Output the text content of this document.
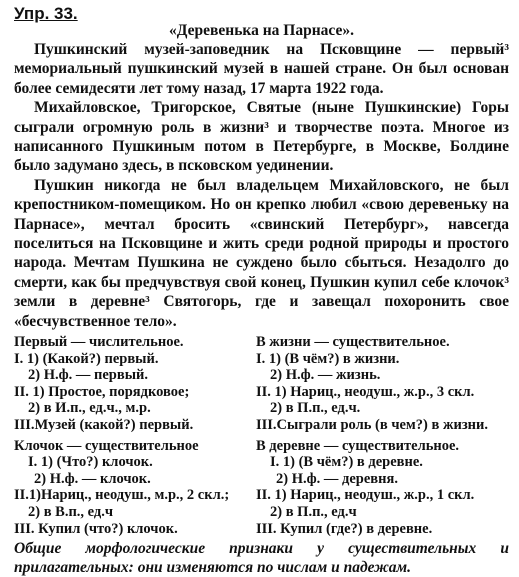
Упр. 33.
«Деревенька на Парнасе».

Пушкинский музей-заповедник на Псковщине — первый³ мемориальный пушкинский музей в нашей стране. Он был основан более семидесяти лет тому назад, 17 марта 1922 года.

Михайловское, Тригорское, Святые (ныне Пушкинские) Горы сыграли огромную роль в жизни³ и творчестве поэта. Многое из написанного Пушкиным потом в Петербурге, в Москве, Болдине было задумано здесь, в псковском уединении.

Пушкин никогда не был владельцем Михайловского, не был крепостником-помещиком. Но он крепко любил «свою деревеньку на Парнасе», мечтал бросить «свинский Петербург», навсегда поселиться на Псковщине и жить среди родной природы и простого народа. Мечтам Пушкина не суждено было сбыться. Незадолго до смерти, как бы предчувствуя свой конец, Пушкин купил себе клочок³ земли в деревне³ Святогорь, где и завещал похоронить свое «бесчувственное тело».

Первый — числительное.
I. 1) (Какой?) первый.
2) Н.ф. — первый.
II. 1) Простое, порядковое;
2) в И.п., ед.ч., м.р.
III.Музей (какой?) первый.
В жизни — существительное.
I. 1) (В чём?) в жизни.
2) Н.ф. — жизнь.
II. 1) Нариц., неодуш., ж.р., 3 скл.
2) в П.п., ед.ч.
III.Сыграли роль (в чем?) в жизни.
Клочок — существительное
I. 1) (Что?) клочок.
2) Н.ф. — клочок.
II.1)Нариц., неодуш., м.р., 2 скл.;
2) в В.п., ед.ч
III. Купил (что?) клочок.
В деревне — существительное.
I. 1) (В чём?) в деревне.
2) Н.ф. — деревня.
II. 1) Нариц., неодуш., ж.р., 1 скл.
2) в П.п., ед.ч
III. Купил (где?) в деревне.

Общие морфологические признаки у существительных и прилагательных: они изменяются по числам и падежам.
